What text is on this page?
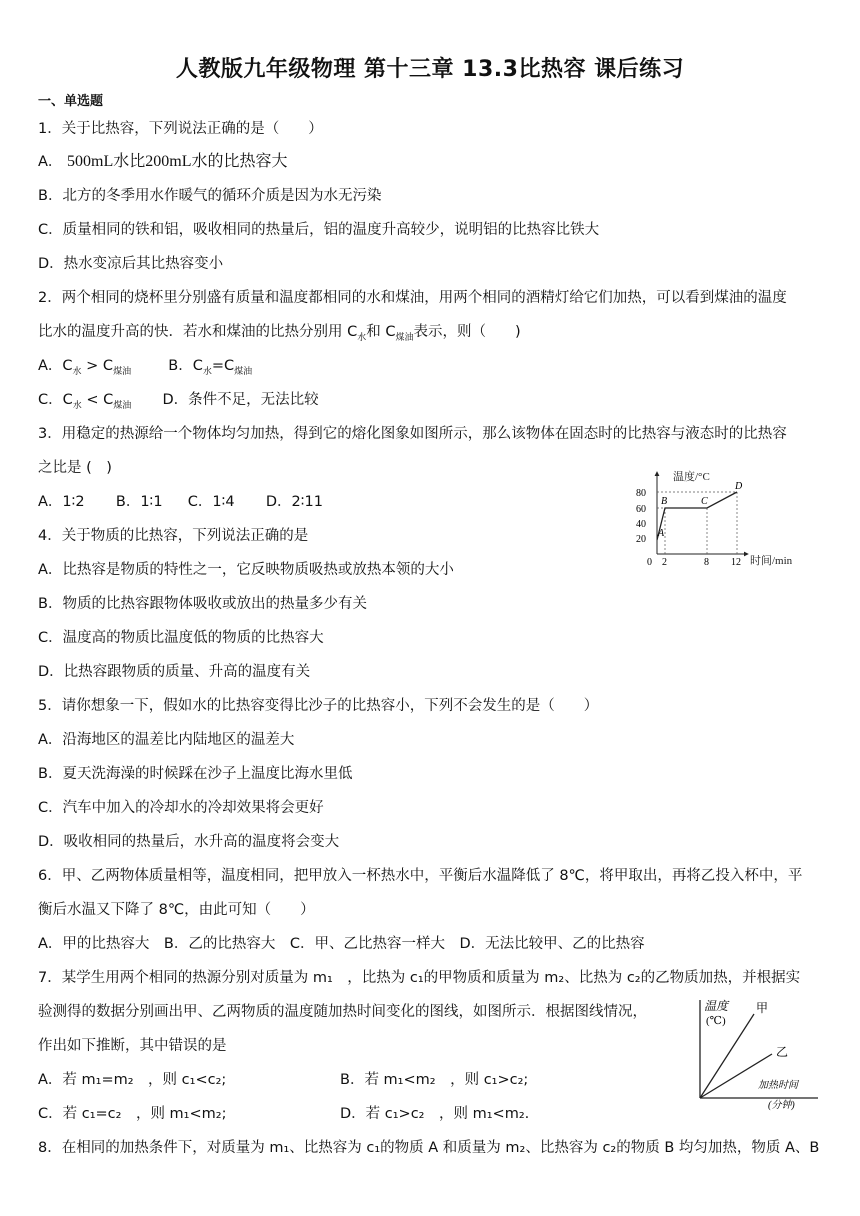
人教版九年级物理 第十三章 13.3比热容 课后练习
一、单选题
1．关于比热容，下列说法正确的是（　　）
A． 500mL水比200mL水的比热容大
B．北方的冬季用水作暖气的循环介质是因为水无污染
C．质量相同的铁和铝，吸收相同的热量后，铝的温度升高较少，说明铝的比热容比铁大
D．热水变凉后其比热容变小
2．两个相同的烧杯里分别盛有质量和温度都相同的水和煤油，用两个相同的酒精灯给它们加热，可以看到煤油的温度
比水的温度升高的快．若水和煤油的比热分别用 $C_水$和 $C_{煤油}$表示，则（　　)
A．$C_水 > C_{煤油}$	B．$C_水=C_{煤油}$
C．$C_水 < C_{煤油}$ D．条件不足，无法比较
3．用稳定的热源给一个物体均匀加热，得到它的熔化图象如图所示，那么该物体在固态时的比热容与液态时的比热容
之比是 (　)
A．1∶2 B．1∶1 C．1∶4 D．2∶11
温度/°C
时间/min
80
60
40
20
0 2	8 12
A
B	C
D
4．关于物质的比热容，下列说法正确的是
A．比热容是物质的特性之一，它反映物质吸热或放热本领的大小
B．物质的比热容跟物体吸收或放出的热量多少有关
C．温度高的物质比温度低的物质的比热容大
D．比热容跟物质的质量、升高的温度有关
5．请你想象一下，假如水的比热容变得比沙子的比热容小，下列不会发生的是（　　）
A．沿海地区的温差比内陆地区的温差大
B．夏天洗海澡的时候踩在沙子上温度比海水里低
C．汽车中加入的冷却水的冷却效果将会更好
D．吸收相同的热量后，水升高的温度将会变大
6．甲、乙两物体质量相等，温度相同，把甲放入一杯热水中，平衡后水温降低了 8℃，将甲取出，再将乙投入杯中，平
衡后水温又下降了 8℃，由此可知（　　）
A．甲的比热容大　B．乙的比热容大　C．甲、乙比热容一样大　D．无法比较甲、乙的比热容
7．某学生用两个相同的热源分别对质量为 m₁　，比热为 c₁的甲物质和质量为 m₂、比热为 c₂的乙物质加热，并根据实
验测得的数据分别画出甲、乙两物质的温度随加热时间变化的图线，如图所示．根据图线情况，
作出如下推断，其中错误的是
A．若 m₁=m₂　，则 c₁<c₂;	B．若 m₁<m₂　，则 c₁>c₂;
C．若 c₁=c₂　，则 m₁<m₂;	D．若 c₁>c₂　，则 m₁<m₂.
温度
(℃)
甲
乙
加热时间
(分钟)
8．在相同的加热条件下，对质量为 m₁、比热容为 c₁的物质 A 和质量为 m₂、比热容为 c₂的物质 B 均匀加热，物质 A、B
